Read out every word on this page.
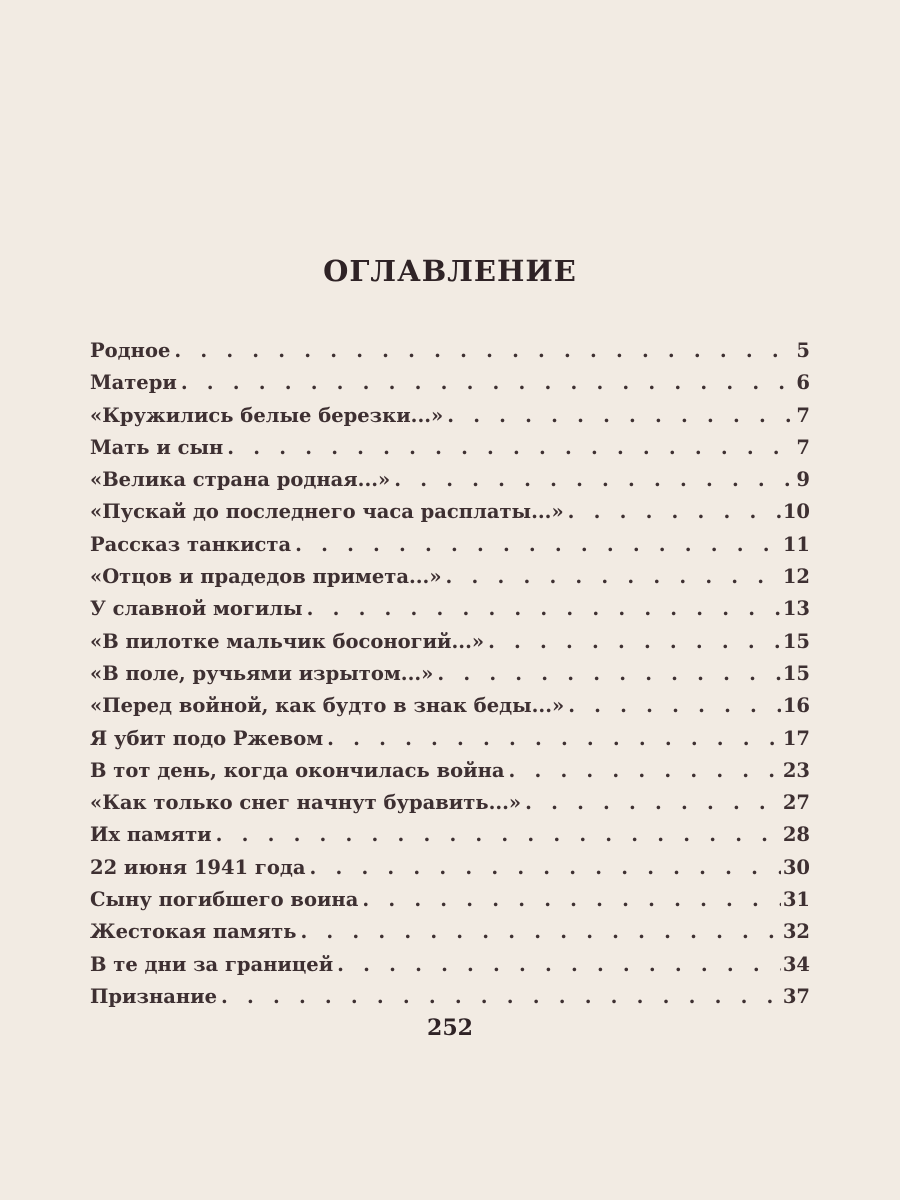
ОГЛАВЛЕНИЕ
Родное . . .	5
Матери . . .	6
«Кружились белые березки...» . . .	7
Мать и сын . . .	7
«Велика страна родная...» . . .	9
«Пускай до последнего часа расплаты...» . . .	10
Рассказ танкиста . . .	11
«Отцов и прадедов примета...» . . .	12
У славной могилы . . .	13
«В пилотке мальчик босоногий...» . . .	15
«В поле, ручьями изрытом...» . . .	15
«Перед войной, как будто в знак беды...» . . .	16
Я убит подо Ржевом . . .	17
В тот день, когда окончилась война . . .	23
«Как только снег начнут буравить...» . . .	27
Их памяти . . .	28
22 июня 1941 года . . .	30
Сыну погибшего воина . . .	31
Жестокая память . . .	32
В те дни за границей . . .	34
Признание . . .	37
252
